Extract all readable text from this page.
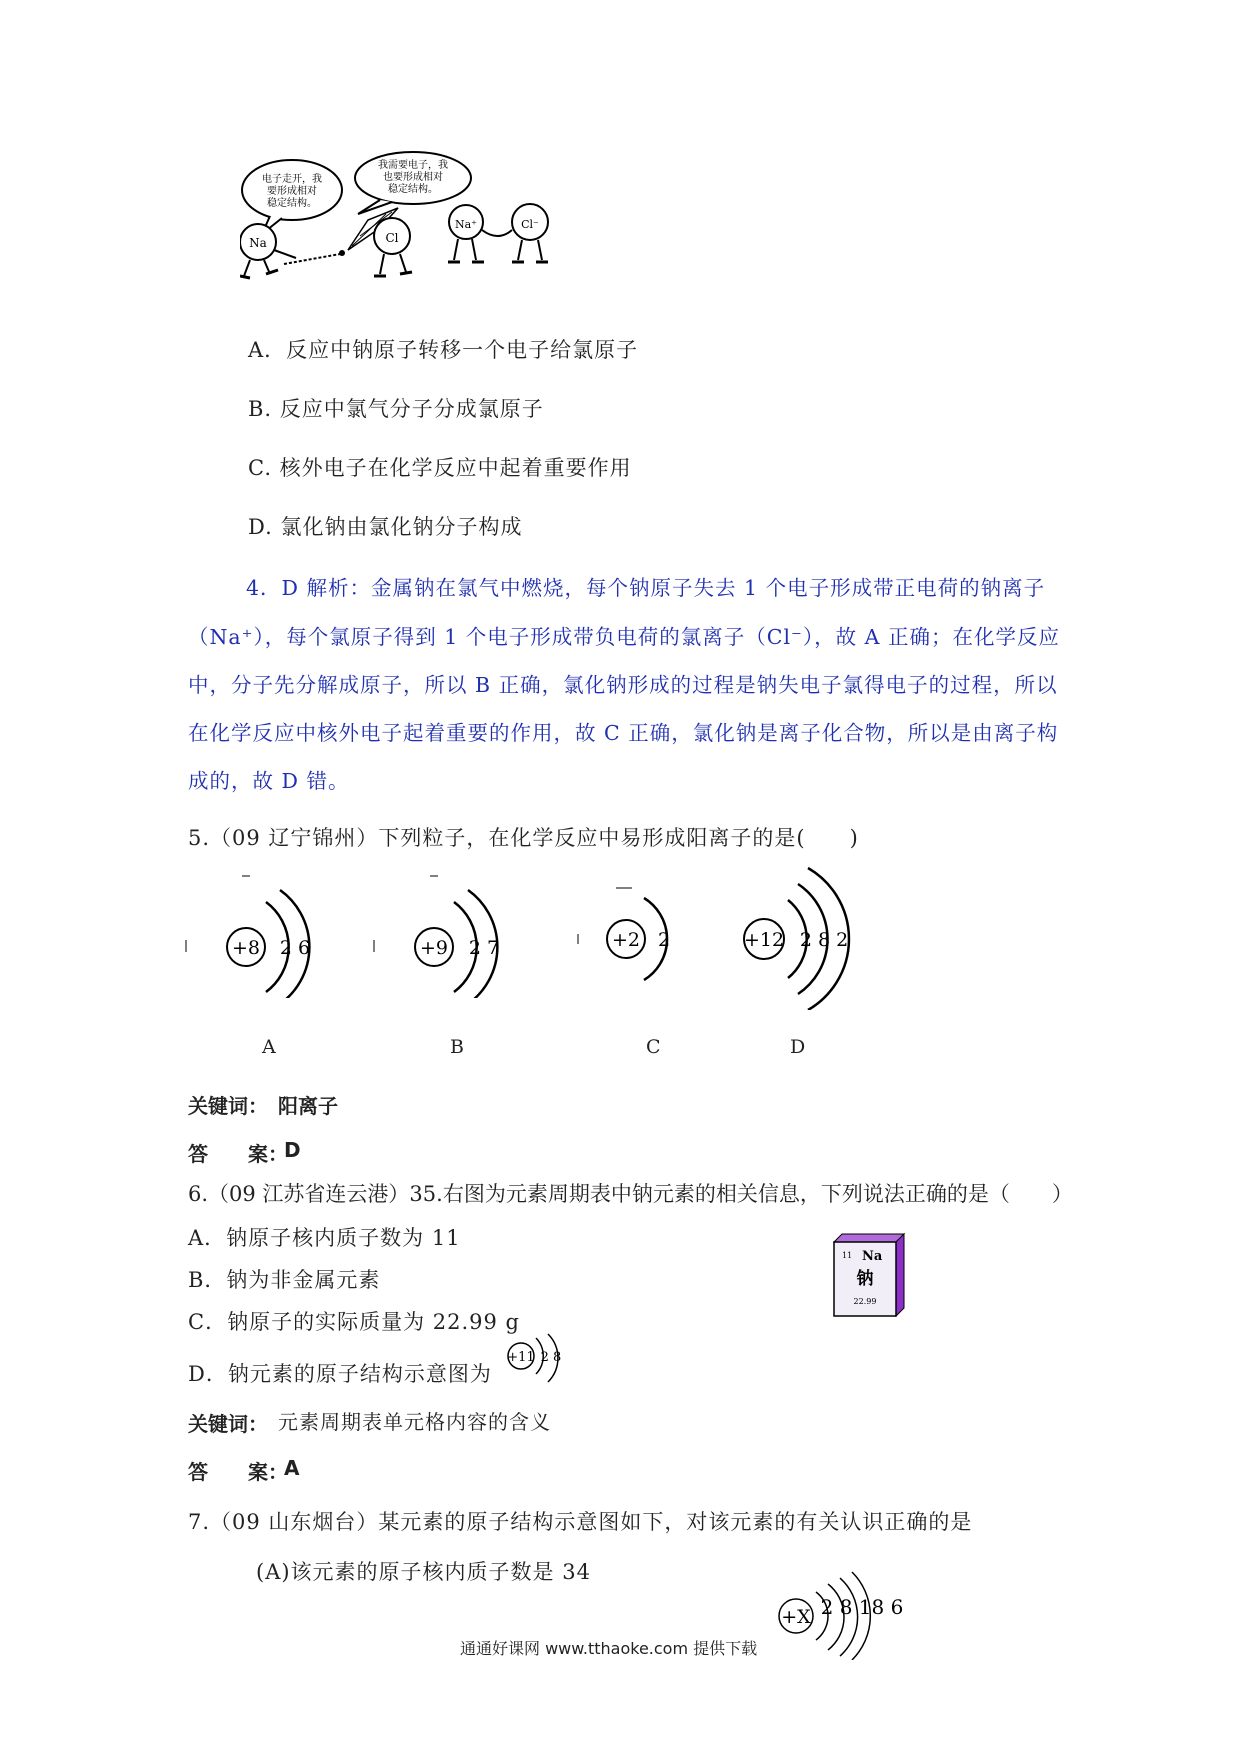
电子走开，我
要形成相对
稳定结构。
我需要电子，我
也要形成相对
稳定结构。
Na	Cl
Na⁺	Cl⁻
A．反应中钠原子转移一个电子给氯原子
B. 反应中氯气分子分成氯原子
C. 核外电子在化学反应中起着重要作用
D. 氯化钠由氯化钠分子构成
4．D 解析：金属钠在氯气中燃烧，每个钠原子失去 1 个电子形成带正电荷的钠离子
（Na⁺），每个氯原子得到 1 个电子形成带负电荷的氯离子（Cl⁻），故 A 正确；在化学反应
中，分子先分解成原子，所以 B 正确，氯化钠形成的过程是钠失电子氯得电子的过程，所以
在化学反应中核外电子起着重要的作用，故 C 正确，氯化钠是离子化合物，所以是由离子构
成的，故 D 错。
5.（09 辽宁锦州）下列粒子，在化学反应中易形成阳离子的是(　　)
+8 2 6
A
+9 2 7
B
+2 2
C
+12 2 8 2
D
关键词： 阳离子
答　　案：
D
6.（09 江苏省连云港）35.右图为元素周期表中钠元素的相关信息，下列说法正确的是（　　）
A．钠原子核内质子数为 11
B．钠为非金属元素
C．钠原子的实际质量为 22.99 g
D．钠元素的原子结构示意图为
+11 2 8
11 Na
钠
22.99
关键词： 元素周期表单元格内容的含义
答　　案：
A
7.（09 山东烟台）某元素的原子结构示意图如下，对该元素的有关认识正确的是
(A)该元素的原子核内质子数是 34
+X 2 8 18 6
通通好课网 www.tthaoke.com 提供下载
